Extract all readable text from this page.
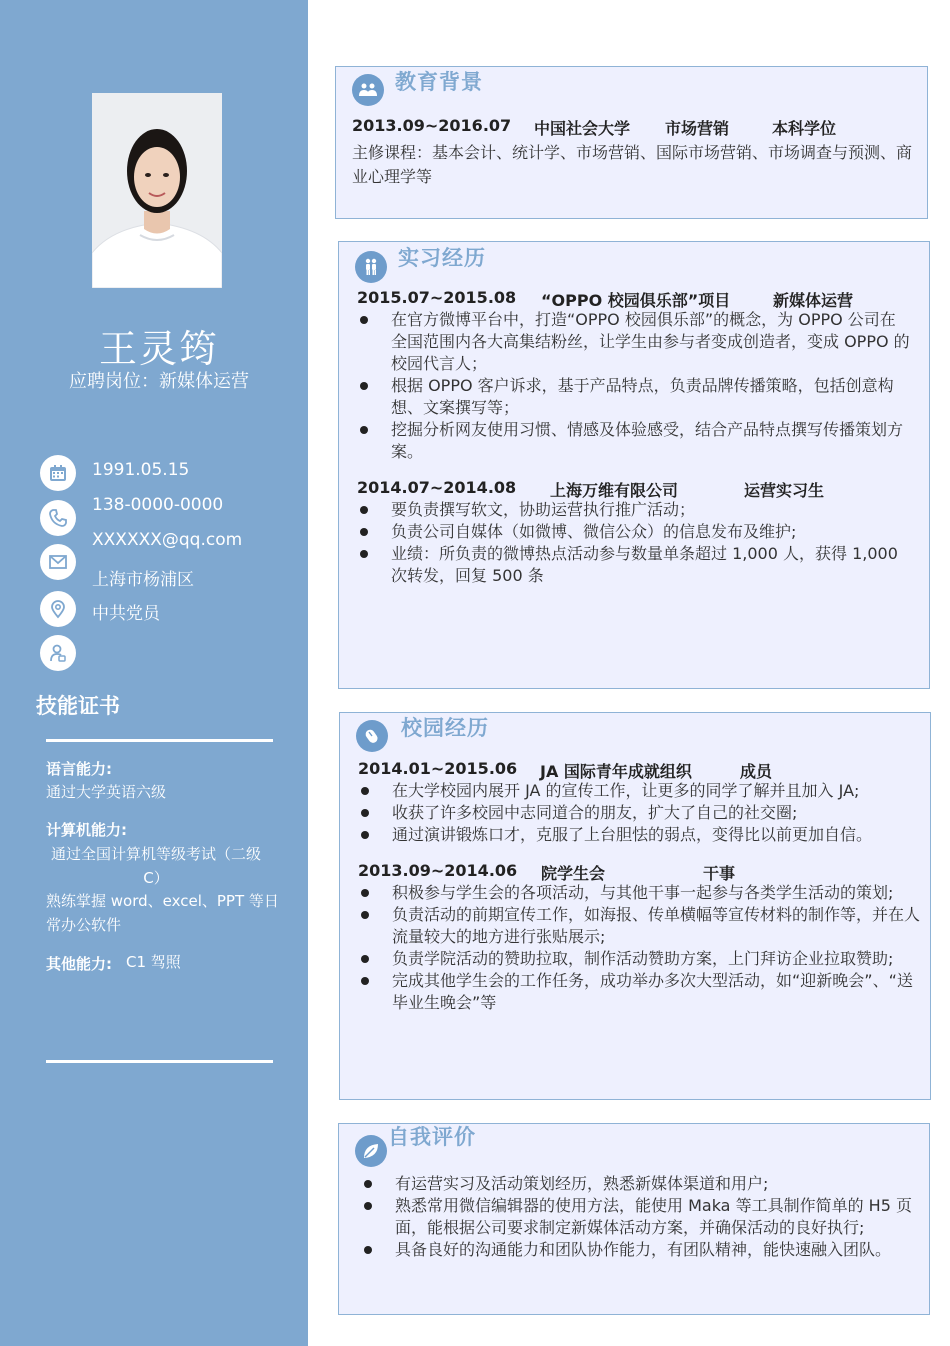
王灵筠
应聘岗位：新媒体运营
1991.05.15
138-0000-0000
XXXXXX@qq.com
上海市杨浦区
中共党员
技能证书
语言能力:
通过大学英语六级
计算机能力:
通过全国计算机等级考试（二级 C）
熟练掌握 word、excel、PPT 等日常办公软件
其他能力: C1 驾照
教育背景
2013.09~2016.07 中国社会大学 市场营销	本科学位
主修课程：基本会计、统计学、市场营销、国际市场营销、市场调查与预测、商业心理学等
实习经历
2015.07~2015.08 “OPPO 校园俱乐部”项目	新媒体运营
在官方微博平台中，打造“OPPO 校园俱乐部”的概念，为 OPPO 公司在全国范围内各大高集结粉丝，让学生由参与者变成创造者，变成 OPPO 的校园代言人；
根据 OPPO 客户诉求，基于产品特点，负责品牌传播策略，包括创意构想、文案撰写等；
挖掘分析网友使用习惯、情感及体验感受，结合产品特点撰写传播策划方案。
2014.07~2014.08 上海万维有限公司	运营实习生
要负责撰写软文，协助运营执行推广活动；
负责公司自媒体（如微博、微信公众）的信息发布及维护;
业绩：所负责的微博热点活动参与数量单条超过 1,000 人，获得 1,000 次转发，回复 500 条
校园经历
2014.01~2015.06 JA 国际青年成就组织	成员
在大学校园内展开 JA 的宣传工作，让更多的同学了解并且加入 JA;
收获了许多校园中志同道合的朋友，扩大了自己的社交圈;
通过演讲锻炼口才，克服了上台胆怯的弱点，变得比以前更加自信。
2013.09~2014.06 院学生会	干事
积极参与学生会的各项活动，与其他干事一起参与各类学生活动的策划;
负责活动的前期宣传工作，如海报、传单横幅等宣传材料的制作等，并在人流量较大的地方进行张贴展示;
负责学院活动的赞助拉取，制作活动赞助方案，上门拜访企业拉取赞助;
完成其他学生会的工作任务，成功举办多次大型活动，如“迎新晚会”、“送毕业生晚会”等
自我评价
有运营实习及活动策划经历，熟悉新媒体渠道和用户;
熟悉常用微信编辑器的使用方法，能使用 Maka 等工具制作简单的 H5 页面，能根据公司要求制定新媒体活动方案，并确保活动的良好执行;
具备良好的沟通能力和团队协作能力，有团队精神，能快速融入团队。
